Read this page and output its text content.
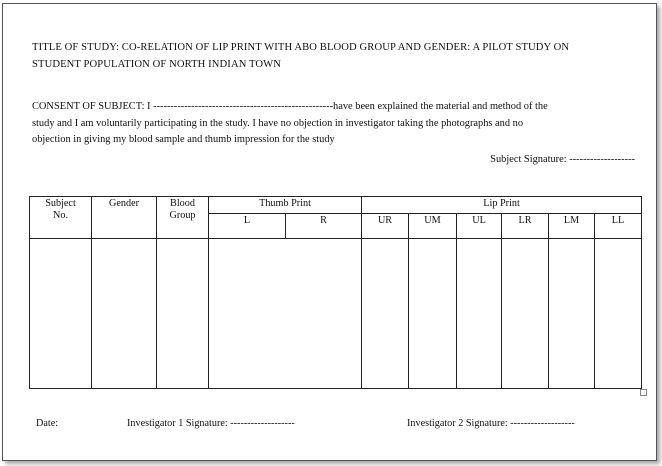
TITLE OF STUDY: CO-RELATION OF LIP PRINT WITH ABO BLOOD GROUP AND GENDER: A PILOT STUDY ON
STUDENT POPULATION OF NORTH INDIAN TOWN
CONSENT OF SUBJECT: I ----------------------------------------------------have been explained the material and method of the
study and I am voluntarily participating in the study. I have no objection in investigator taking the photographs and no
objection in giving my blood sample and thumb impression for the study
Subject Signature: -------------------
Subject No.	Gender	Blood Group	Thumb Print		Lip Print					
			L	R	UR	UM	UL	LR	LM	LL

Date:	Investigator 1 Signature: -------------------	Investigator 2 Signature: -------------------
